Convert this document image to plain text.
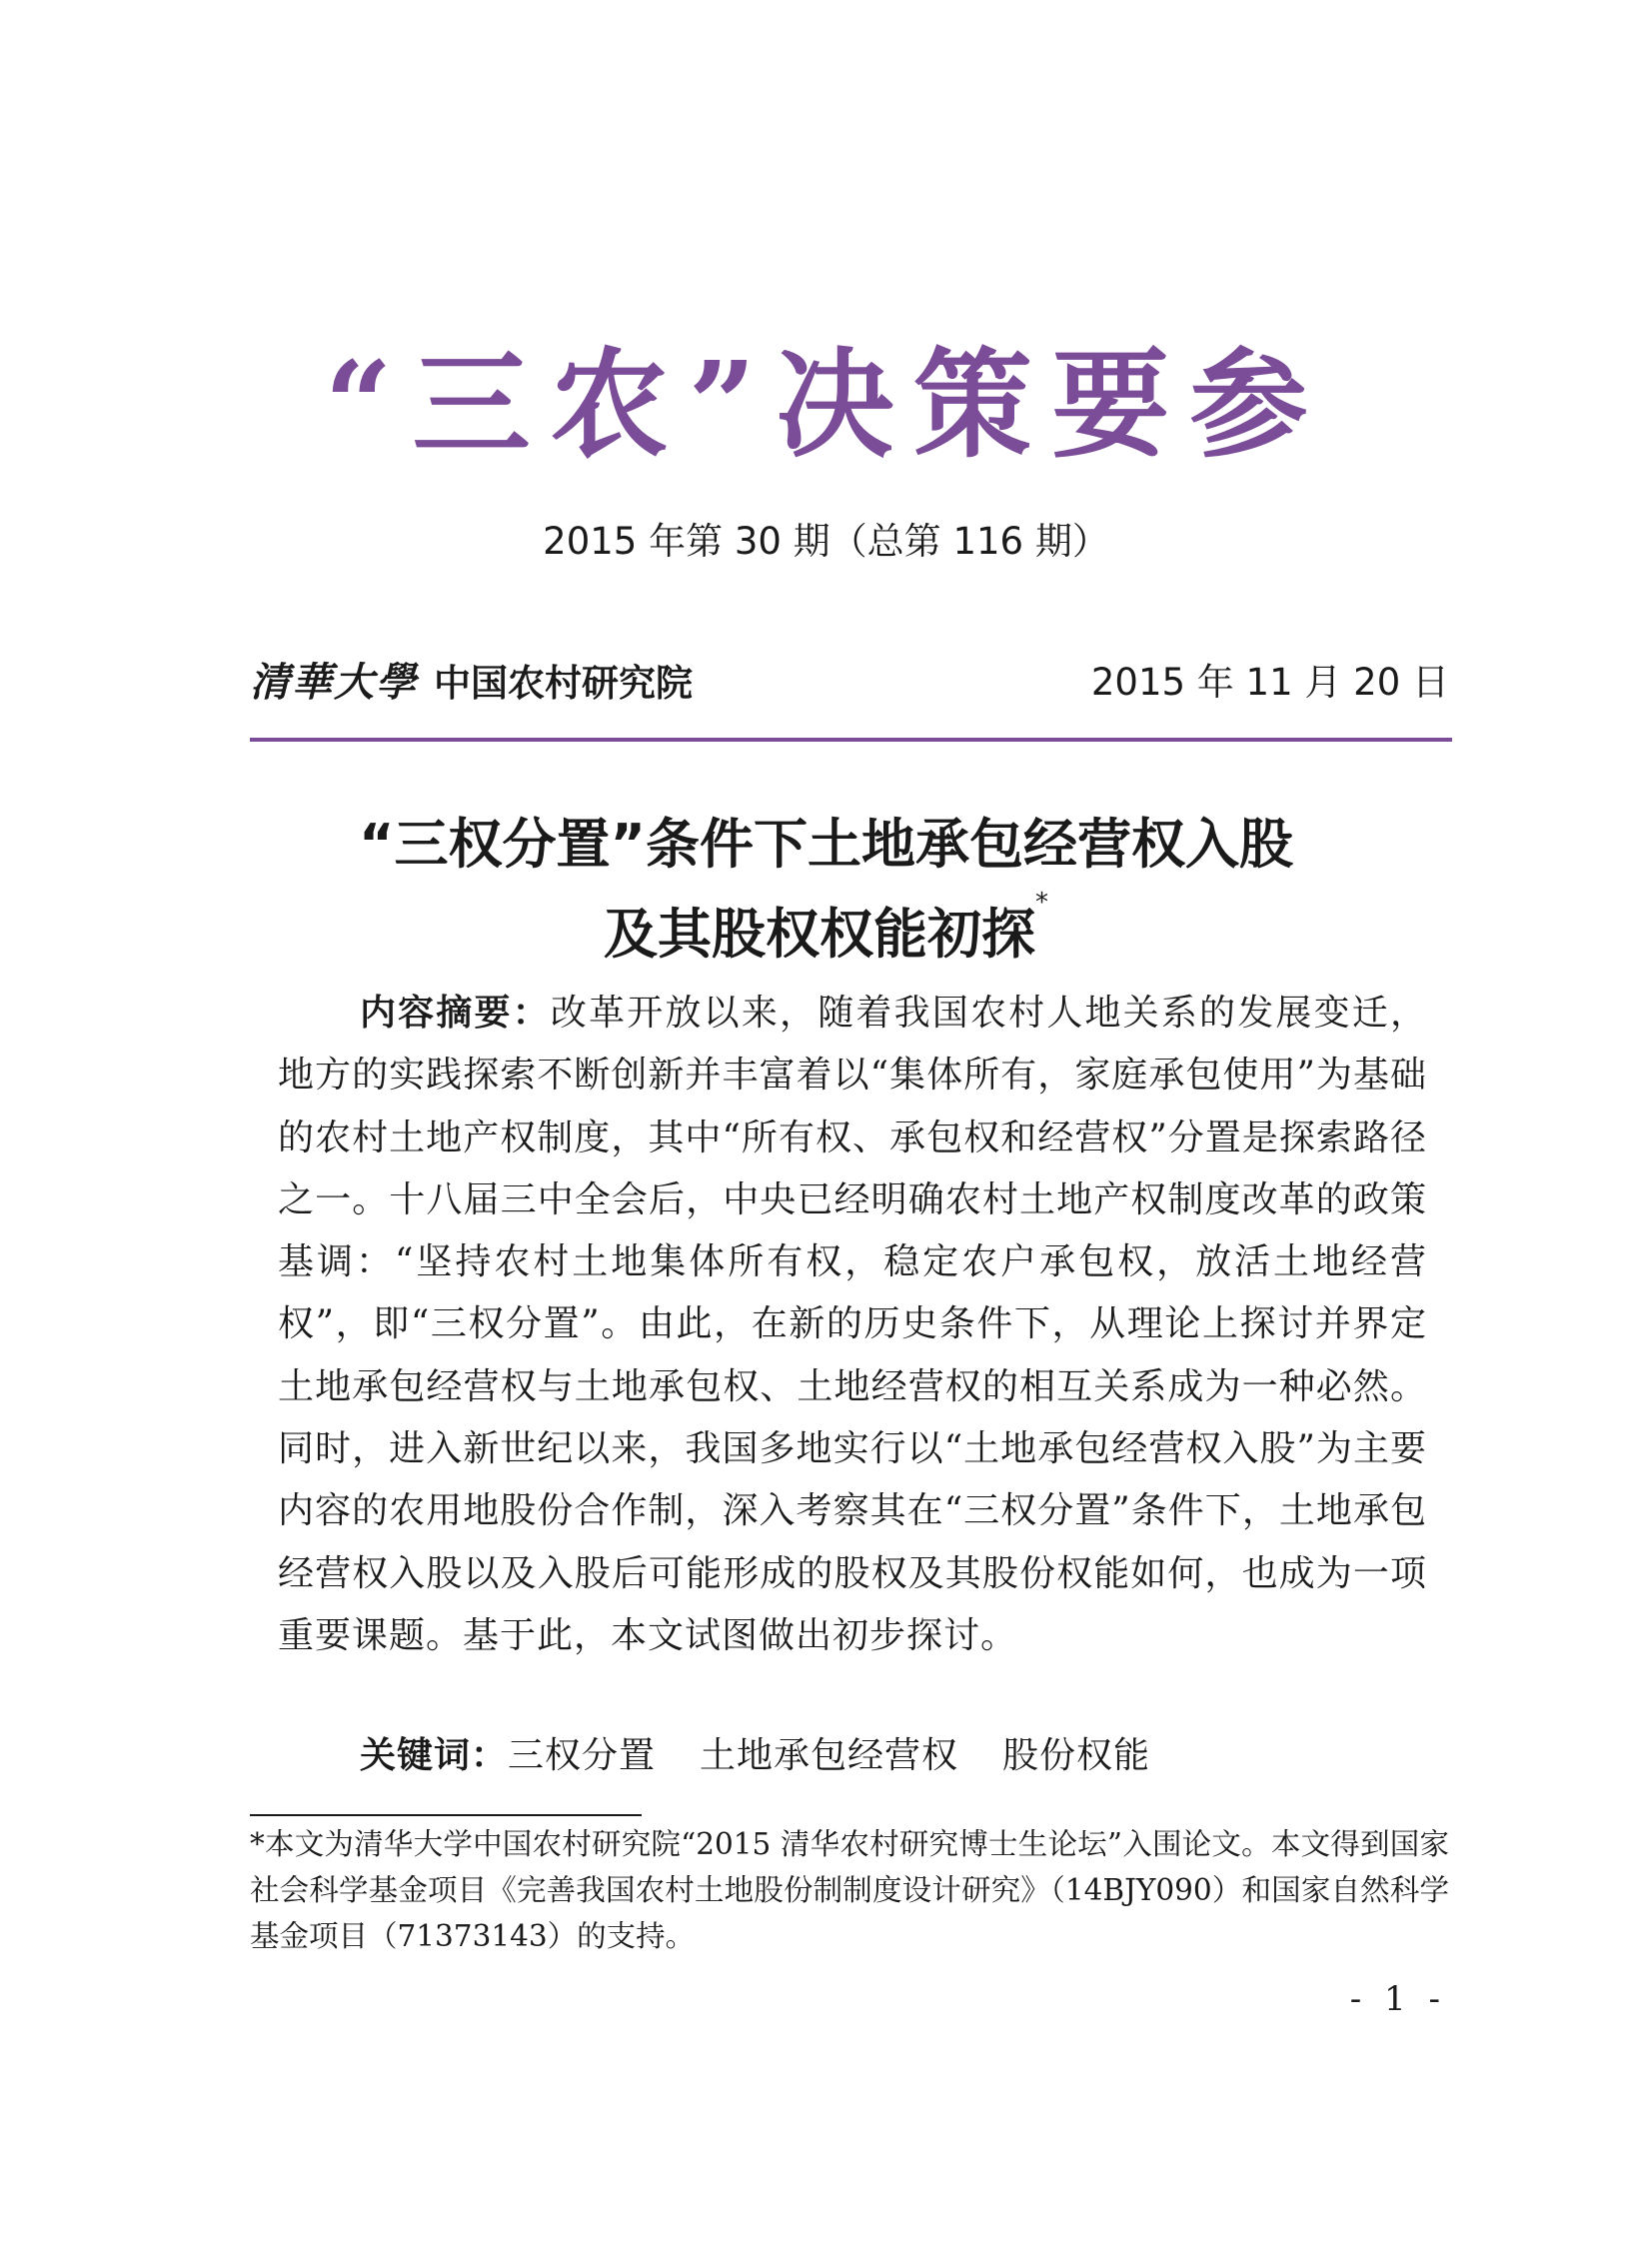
“三农”决策要参
2015 年第 30 期（总第 116 期）
清華大學 中国农村研究院	2015 年 11 月 20 日
“三权分置”条件下土地承包经营权入股
及其股权权能初探*

内容摘要：改革开放以来，随着我国农村人地关系的发展变迁，地方的实践探索不断创新并丰富着以“集体所有，家庭承包使用”为基础的农村土地产权制度，其中“所有权、承包权和经营权”分置是探索路径之一。十八届三中全会后，中央已经明确农村土地产权制度改革的政策基调：“坚持农村土地集体所有权，稳定农户承包权，放活土地经营权”，即“三权分置”。由此，在新的历史条件下，从理论上探讨并界定土地承包经营权与土地承包权、土地经营权的相互关系成为一种必然。同时，进入新世纪以来，我国多地实行以“土地承包经营权入股”为主要内容的农用地股份合作制，深入考察其在“三权分置”条件下，土地承包经营权入股以及入股后可能形成的股权及其股份权能如何，也成为一项重要课题。基于此，本文试图做出初步探讨。

关键词：三权分置 土地承包经营权 股份权能

*本文为清华大学中国农村研究院“2015 清华农村研究博士生论坛”入围论文。本文得到国家社会科学基金项目《完善我国农村土地股份制制度设计研究》（14BJY090）和国家自然科学基金项目（71373143）的支持。

- 1 -
